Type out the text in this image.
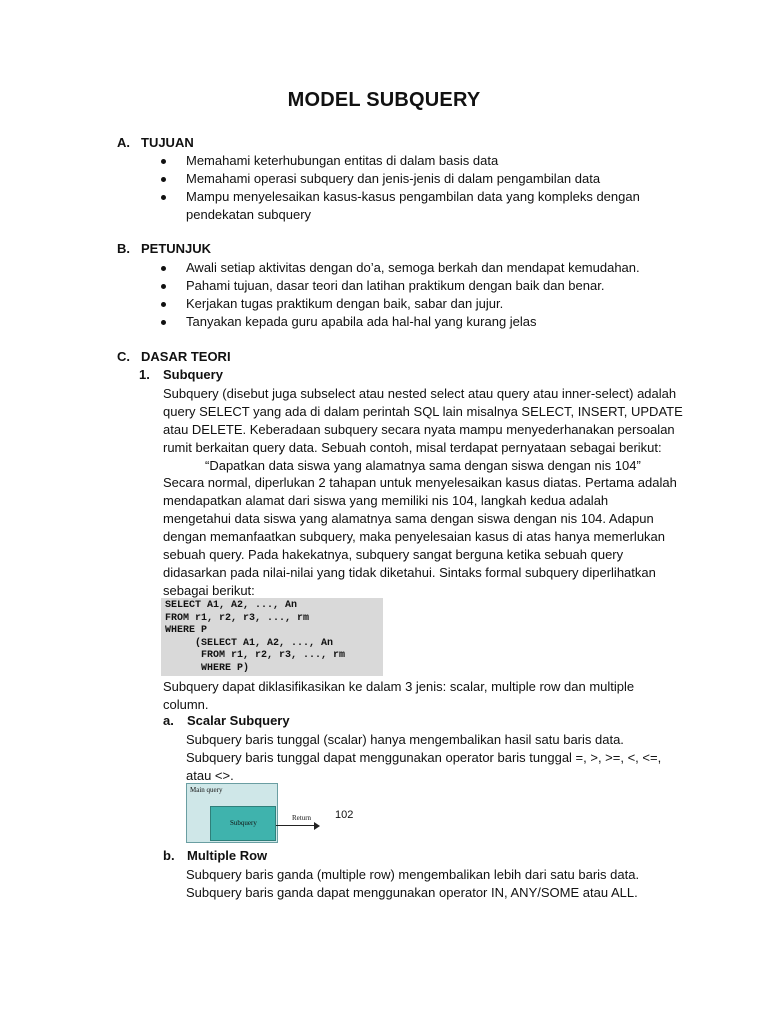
MODEL SUBQUERY
A. TUJUAN
Memahami keterhubungan entitas di dalam basis data
Memahami operasi subquery dan jenis-jenis di dalam pengambilan data
Mampu menyelesaikan kasus-kasus pengambilan data yang kompleks dengan
pendekatan subquery
B. PETUNJUK
Awali setiap aktivitas dengan do’a, semoga berkah dan mendapat kemudahan.
Pahami tujuan, dasar teori dan latihan praktikum dengan baik dan benar.
Kerjakan tugas praktikum dengan baik, sabar dan jujur.
Tanyakan kepada guru apabila ada hal-hal yang kurang jelas
C. DASAR TEORI
1. Subquery

Subquery (disebut juga subselect atau nested select atau query atau inner-select) adalah

query SELECT yang ada di dalam perintah SQL lain misalnya SELECT, INSERT, UPDATE

atau DELETE. Keberadaan subquery secara nyata mampu menyederhanakan persoalan

rumit berkaitan query data. Sebuah contoh, misal terdapat pernyataan sebagai berikut:

“Dapatkan data siswa yang alamatnya sama dengan siswa dengan nis 104”

Secara normal, diperlukan 2 tahapan untuk menyelesaikan kasus diatas. Pertama adalah

mendapatkan alamat dari siswa yang memiliki nis 104, langkah kedua adalah

mengetahui data siswa yang alamatnya sama dengan siswa dengan nis 104. Adapun

dengan memanfaatkan subquery, maka penyelesaian kasus di atas hanya memerlukan

sebuah query. Pada hakekatnya, subquery sangat berguna ketika sebuah query

didasarkan pada nilai-nilai yang tidak diketahui. Sintaks formal subquery diperlihatkan

sebagai berikut:

SELECT A1, A2, ..., An
FROM r1, r2, r3, ..., rm
WHERE P
(SELECT A1, A2, ..., An
FROM r1, r2, r3, ..., rm
WHERE P)

Subquery dapat diklasifikasikan ke dalam 3 jenis: scalar, multiple row dan multiple

column.

a. Scalar Subquery

Subquery baris tunggal (scalar) hanya mengembalikan hasil satu baris data.

Subquery baris tunggal dapat menggunakan operator baris tunggal =, >, >=, <, <=,

atau <>.

Main query
Subquery
Return 102
b. Multiple Row

Subquery baris ganda (multiple row) mengembalikan lebih dari satu baris data.

Subquery baris ganda dapat menggunakan operator IN, ANY/SOME atau ALL.
